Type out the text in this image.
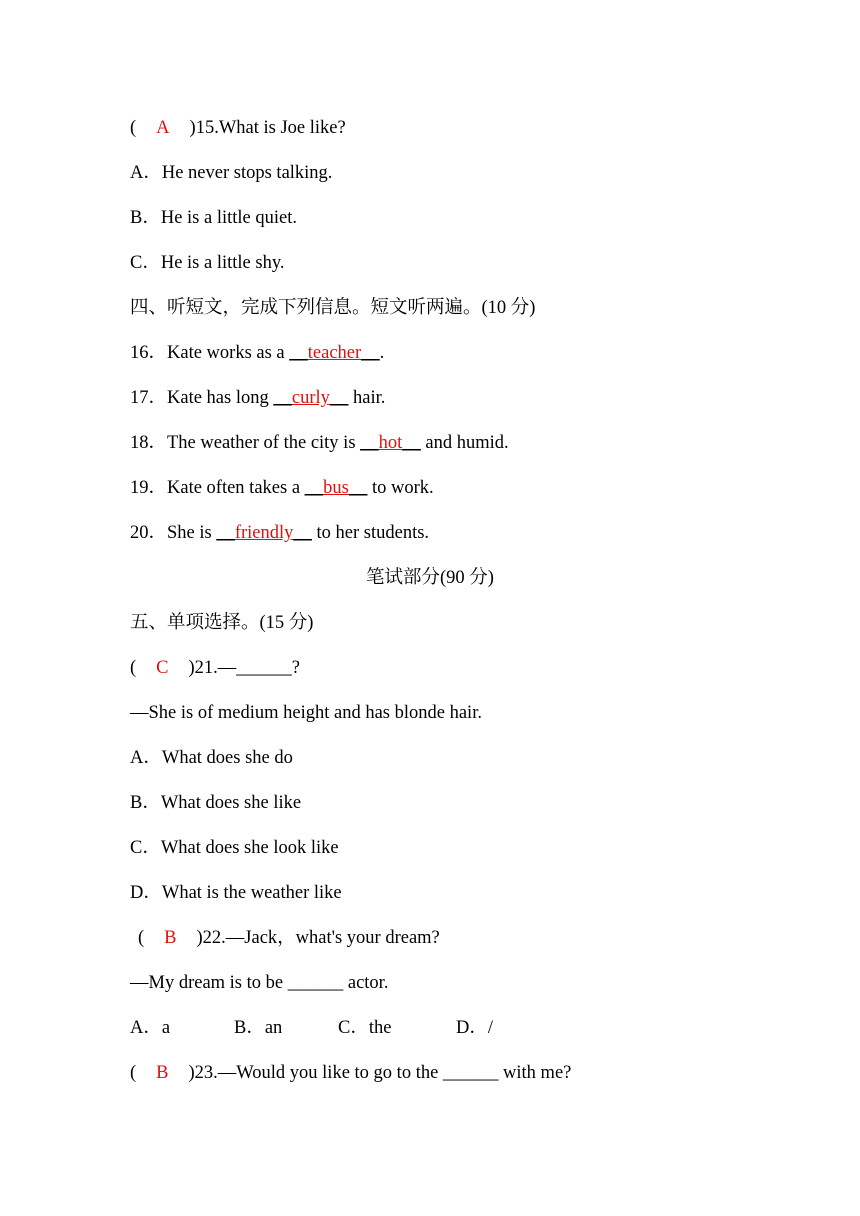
( A )15.What is Joe like?
A．He never stops talking.
B．He is a little quiet.
C．He is a little shy.
四、听短文，完成下列信息。短文听两遍。(10 分)
16．Kate works as a __teacher__.
17．Kate has long __curly__ hair.
18．The weather of the city is __hot__ and humid.
19．Kate often takes a __bus__ to work.
20．She is __friendly__ to her students.
笔试部分(90 分)
五、单项选择。(15 分)
( C )21.—______?
—She is of medium height and has blonde hair.
A．What does she do
B．What does she like
C．What does she look like
D．What is the weather like
( B )22.—Jack，what's your dream?
—My dream is to be ______ actor.
A．a	B．an	C．the	D．/
( B )23.—Would you like to go to the ______ with me?
